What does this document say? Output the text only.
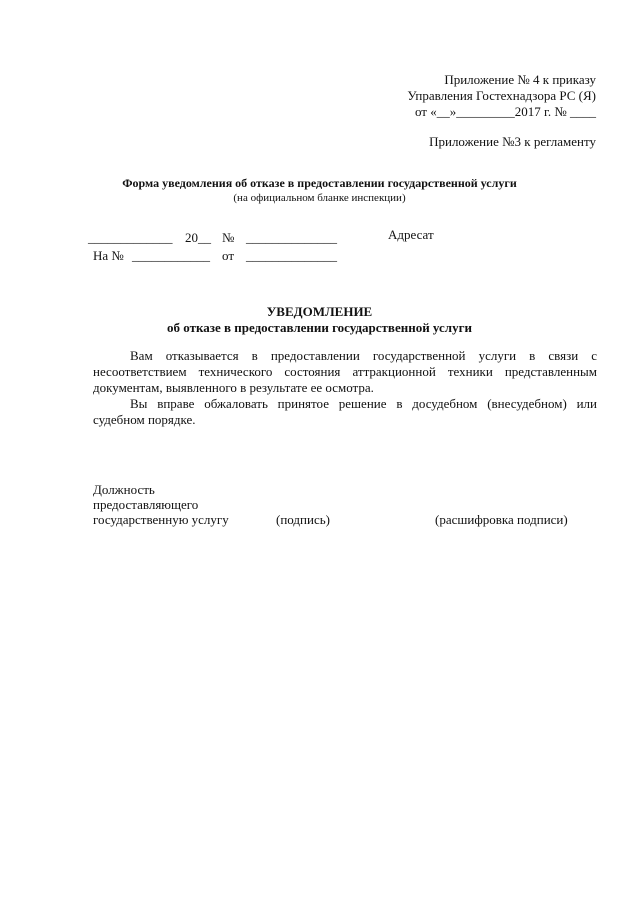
Приложение № 4 к приказу
Управления Гостехнадзора РС (Я)
от «__»_________2017 г. № ____
Приложение №3 к регламенту
Форма уведомления об отказе в предоставлении государственной услуги
(на официальном бланке инспекции)
_____________ 20__ № ______________	Адресат
На № ____________ от ______________
УВЕДОМЛЕНИЕ
об отказе в предоставлении государственной услуги
Вам отказывается в предоставлении государственной услуги в связи с несоответствием технического состояния аттракционной техники представленным документам, выявленного в результате ее осмотра.
Вы вправе обжаловать принятое решение в досудебном (внесудебном) или судебном порядке.
Должность
предоставляющего
государственную услугу	(подпись)	(расшифровка подписи)
